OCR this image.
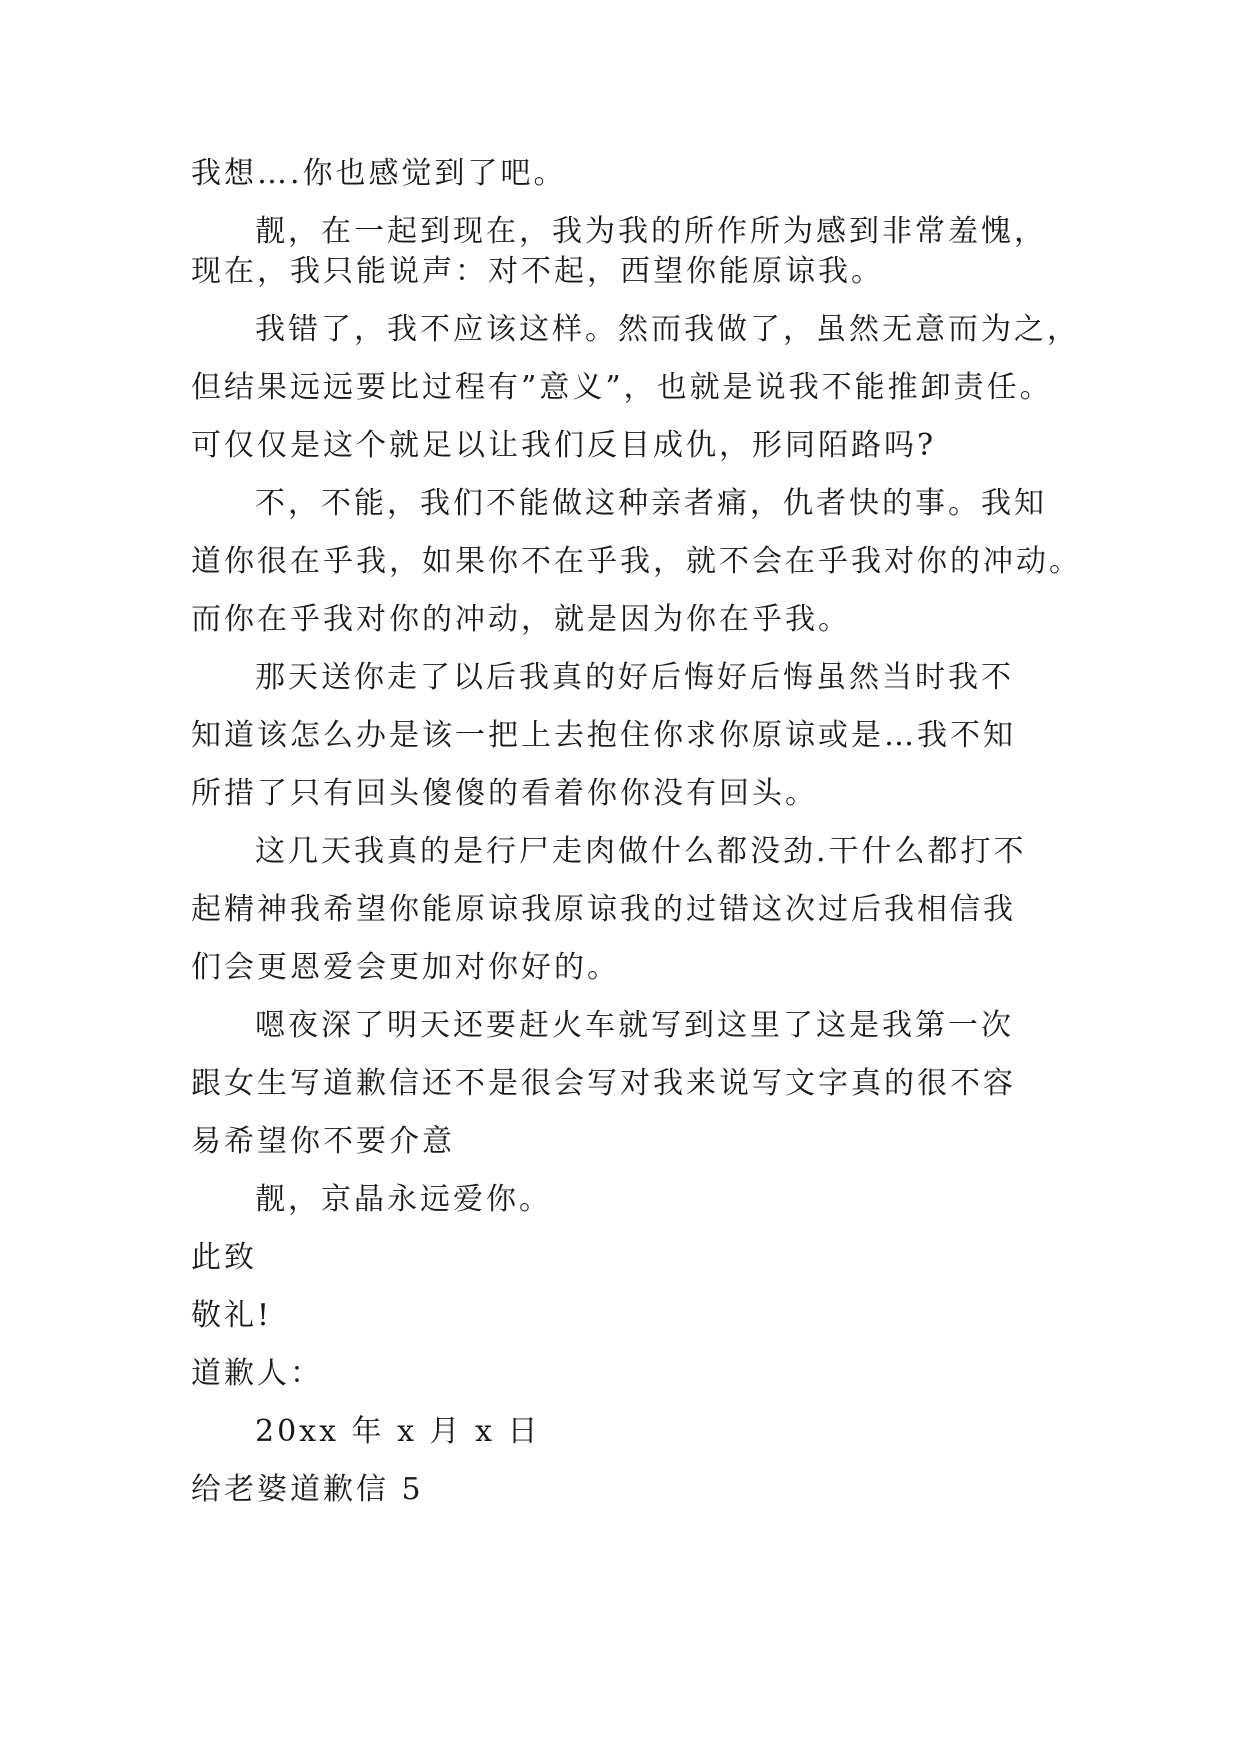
我想….你也感觉到了吧。
靓，在一起到现在，我为我的所作所为感到非常羞愧，
现在，我只能说声：对不起，西望你能原谅我。
我错了，我不应该这样。然而我做了，虽然无意而为之，
但结果远远要比过程有”意义”，也就是说我不能推卸责任。
可仅仅是这个就足以让我们反目成仇，形同陌路吗?
不，不能，我们不能做这种亲者痛，仇者快的事。我知
道你很在乎我，如果你不在乎我，就不会在乎我对你的冲动。
而你在乎我对你的冲动，就是因为你在乎我。
那天送你走了以后我真的好后悔好后悔虽然当时我不
知道该怎么办是该一把上去抱住你求你原谅或是…我不知
所措了只有回头傻傻的看着你你没有回头。
这几天我真的是行尸走肉做什么都没劲.干什么都打不
起精神我希望你能原谅我原谅我的过错这次过后我相信我
们会更恩爱会更加对你好的。
嗯夜深了明天还要赶火车就写到这里了这是我第一次
跟女生写道歉信还不是很会写对我来说写文字真的很不容
易希望你不要介意
靓，京晶永远爱你。
此致
敬礼!
道歉人：
20xx 年 x 月 x 日
给老婆道歉信 5
